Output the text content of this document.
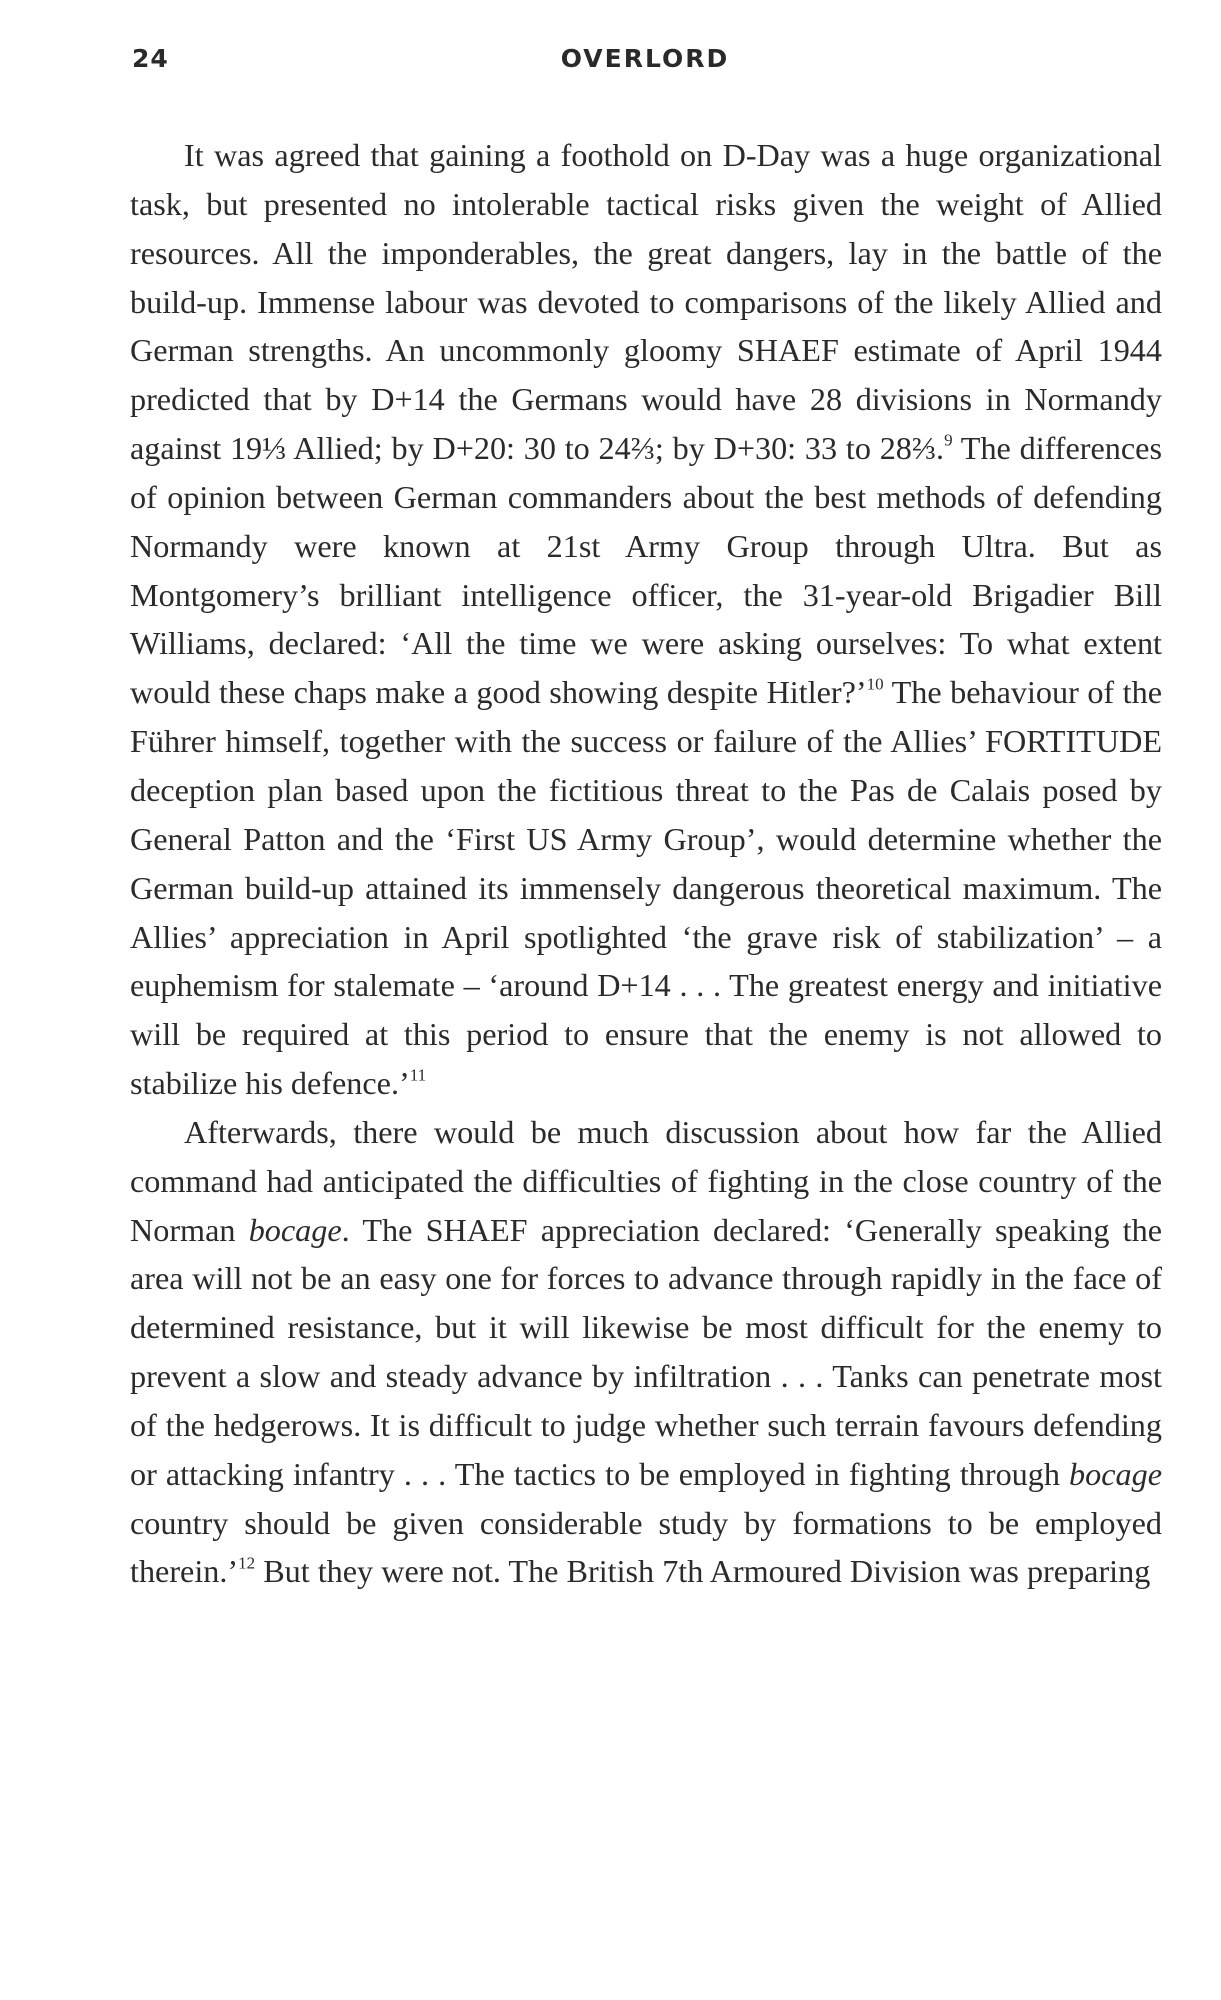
24	OVERLORD

It was agreed that gaining a foothold on D-Day was a huge organizational task, but presented no intolerable tactical risks given the weight of Allied resources. All the imponderables, the great dangers, lay in the battle of the build-up. Immense labour was devoted to comparisons of the likely Allied and German strengths. An uncommonly gloomy SHAEF estimate of April 1944 predicted that by D+14 the Germans would have 28 divisions in Normandy against 19⅓ Allied; by D+20: 30 to 24⅔; by D+30: 33 to 28⅔.$^9$ The differences of opinion between German commanders about the best methods of defending Normandy were known at 21st Army Group through Ultra. But as Montgomery’s brilliant intelligence officer, the 31-year-old Brigadier Bill Williams, declared: ‘All the time we were asking ourselves: To what extent would these chaps make a good showing despite Hitler?’$^{10}$ The behaviour of the Führer himself, together with the success or failure of the Allies’ FORTITUDE deception plan based upon the fictitious threat to the Pas de Calais posed by General Patton and the ‘First US Army Group’, would determine whether the German build-up attained its immensely dangerous theoretical maximum. The Allies’ appreciation in April spotlighted ‘the grave risk of stabilization’ – a euphemism for stalemate – ‘around D+14 . . . The greatest energy and initiative will be required at this period to ensure that the enemy is not allowed to stabilize his defence.’$^{11}$

Afterwards, there would be much discussion about how far the Allied command had anticipated the difficulties of fighting in the close country of the Norman bocage. The SHAEF appreciation declared: ‘Generally speaking the area will not be an easy one for forces to advance through rapidly in the face of determined resistance, but it will likewise be most difficult for the enemy to prevent a slow and steady advance by infiltration . . . Tanks can penetrate most of the hedgerows. It is difficult to judge whether such terrain favours defending or attacking infantry . . . The tactics to be employed in fighting through bocage country should be given considerable study by formations to be employed therein.’$^{12}$ But they were not. The British 7th Armoured Division was preparing
